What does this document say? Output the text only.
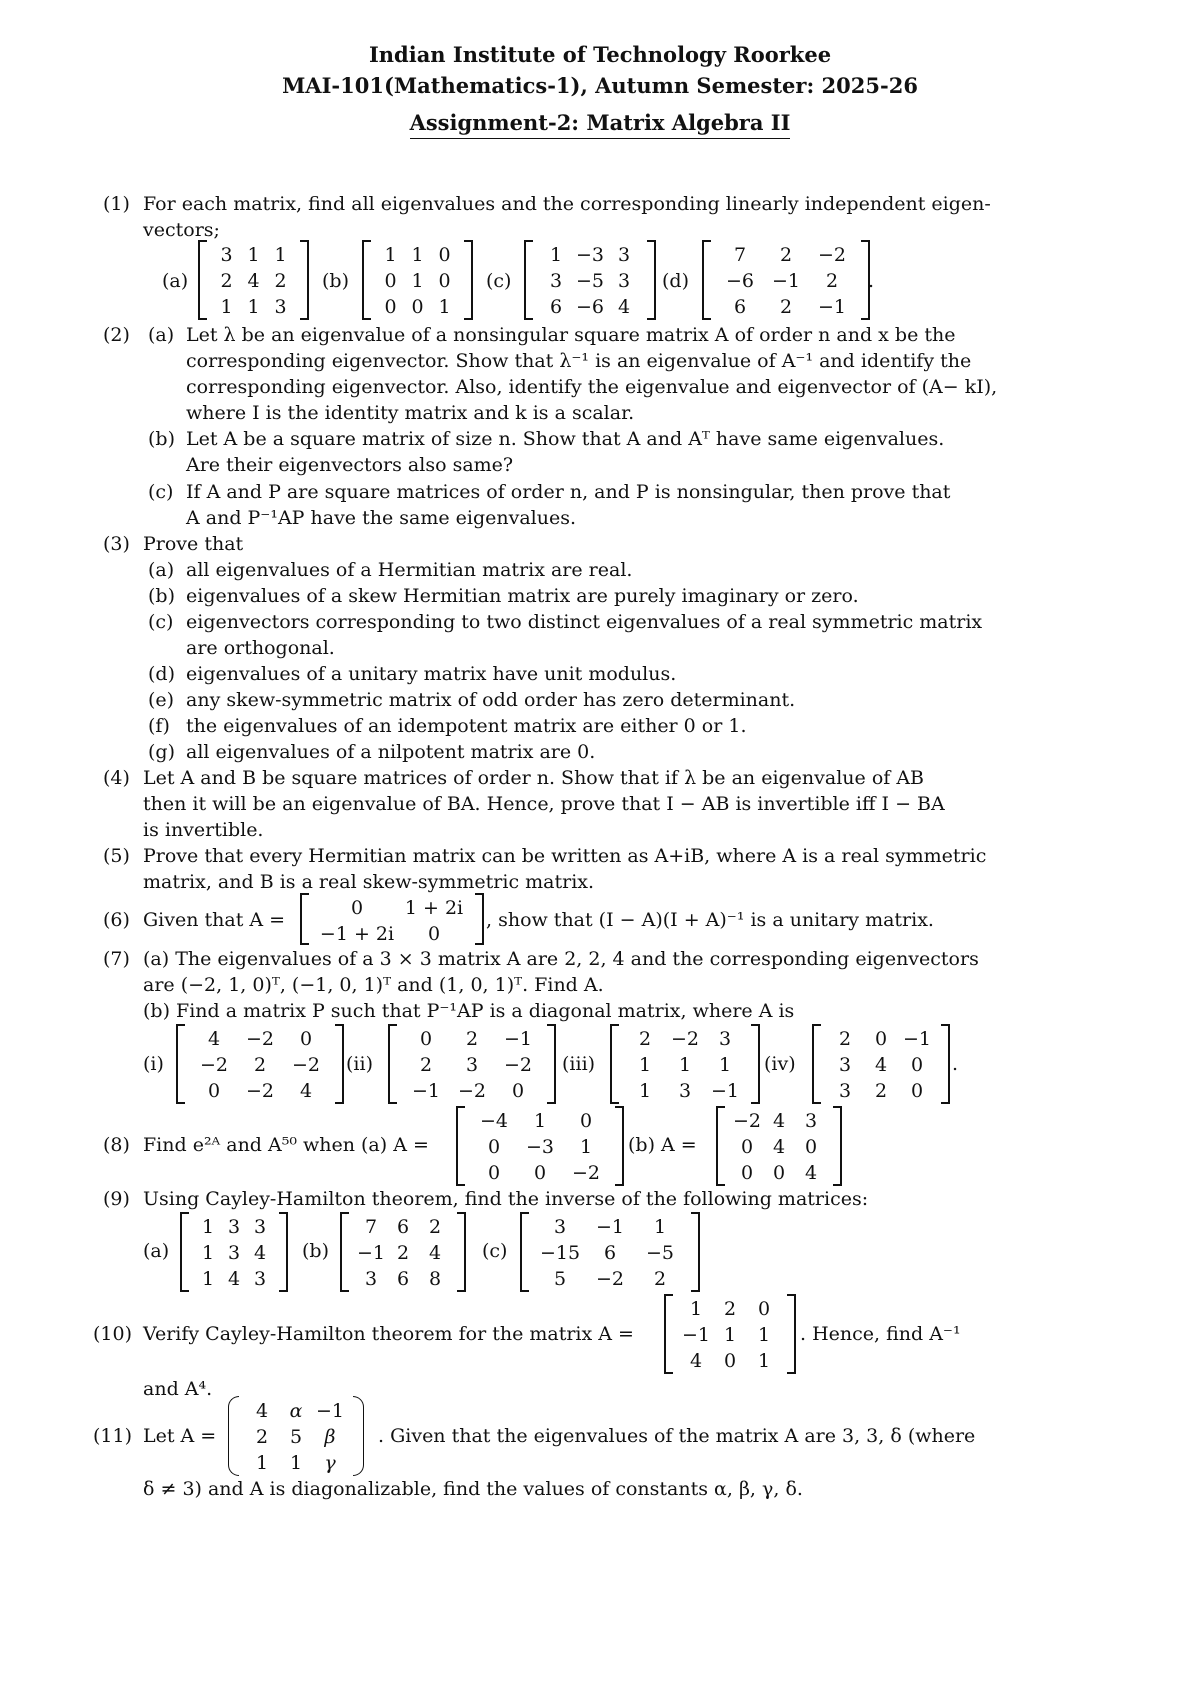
Indian Institute of Technology Roorkee
MAI-101(Mathematics-1), Autumn Semester: 2025-26
Assignment-2: Matrix Algebra II
(1) For each matrix, find all eigenvalues and the corresponding linearly independent eigen-
vectors;
(a)
3 1 1
2 4 2
1 1 3
(b)
1 1 0
0 1 0
0 0 1
(c)
1 −3 3
3 −5 3
6 −6 4
(d)
7	2	−2
−6 −1	2
6	2	−1
.
(2) (a) Let λ be an eigenvalue of a nonsingular square matrix A of order n and x be the
corresponding eigenvector. Show that λ⁻¹ is an eigenvalue of A⁻¹ and identify the
corresponding eigenvector. Also, identify the eigenvalue and eigenvector of (A− kI),
where I is the identity matrix and k is a scalar.
(b) Let A be a square matrix of size n. Show that A and Aᵀ have same eigenvalues.
Are their eigenvectors also same?
(c) If A and P are square matrices of order n, and P is nonsingular, then prove that
A and P⁻¹AP have the same eigenvalues.
(3) Prove that
(a) all eigenvalues of a Hermitian matrix are real.
(b) eigenvalues of a skew Hermitian matrix are purely imaginary or zero.
(c) eigenvectors corresponding to two distinct eigenvalues of a real symmetric matrix
are orthogonal.
(d) eigenvalues of a unitary matrix have unit modulus.
(e) any skew-symmetric matrix of odd order has zero determinant.
(f) the eigenvalues of an idempotent matrix are either 0 or 1.
(g) all eigenvalues of a nilpotent matrix are 0.
(4) Let A and B be square matrices of order n. Show that if λ be an eigenvalue of AB
then it will be an eigenvalue of BA. Hence, prove that I − AB is invertible iff I − BA
is invertible.
(5) Prove that every Hermitian matrix can be written as A+iB, where A is a real symmetric
matrix, and B is a real skew-symmetric matrix.
(6) Given that A =
0	1 + 2i
−1 + 2i	0
, show that (I − A)(I + A)⁻¹ is a unitary matrix.
(7) (a) The eigenvalues of a 3 × 3 matrix A are 2, 2, 4 and the corresponding eigenvectors
are (−2, 1, 0)ᵀ, (−1, 0, 1)ᵀ and (1, 0, 1)ᵀ. Find A.
(b) Find a matrix P such that P⁻¹AP is a diagonal matrix, where A is
(i)
4	−2	0
−2	2	−2
0	−2	4
(ii)
0	2	−1
2	3	−2
−1 −2	0
(iii)
2	−2	3
1	1	1
1	3	−1
(iv)
2	0 −1
3	4	0
3	2	0
.
(8) Find e²ᴬ and A⁵⁰ when (a) A =
−4	1	0
0	−3	1
0	0	−2
(b) A =
−2 4	3
0	4	0
0	0	4
(9) Using Cayley-Hamilton theorem, find the inverse of the following matrices:
(a)
1 3 3
1 3 4
1 4 3
(b)
7	6	2
−1 2	4
3	6	8
(c)
3	−1	1
−15	6	−5
5	−2	2
(10) Verify Cayley-Hamilton theorem for the matrix A =
1	2	0
−1 1	1
4	0	1
. Hence, find A⁻¹
and A⁴.
(11) Let A =
4	α −1
2	5	β
1	1	γ
. Given that the eigenvalues of the matrix A are 3, 3, δ (where
δ ≠ 3) and A is diagonalizable, find the values of constants α, β, γ, δ.
